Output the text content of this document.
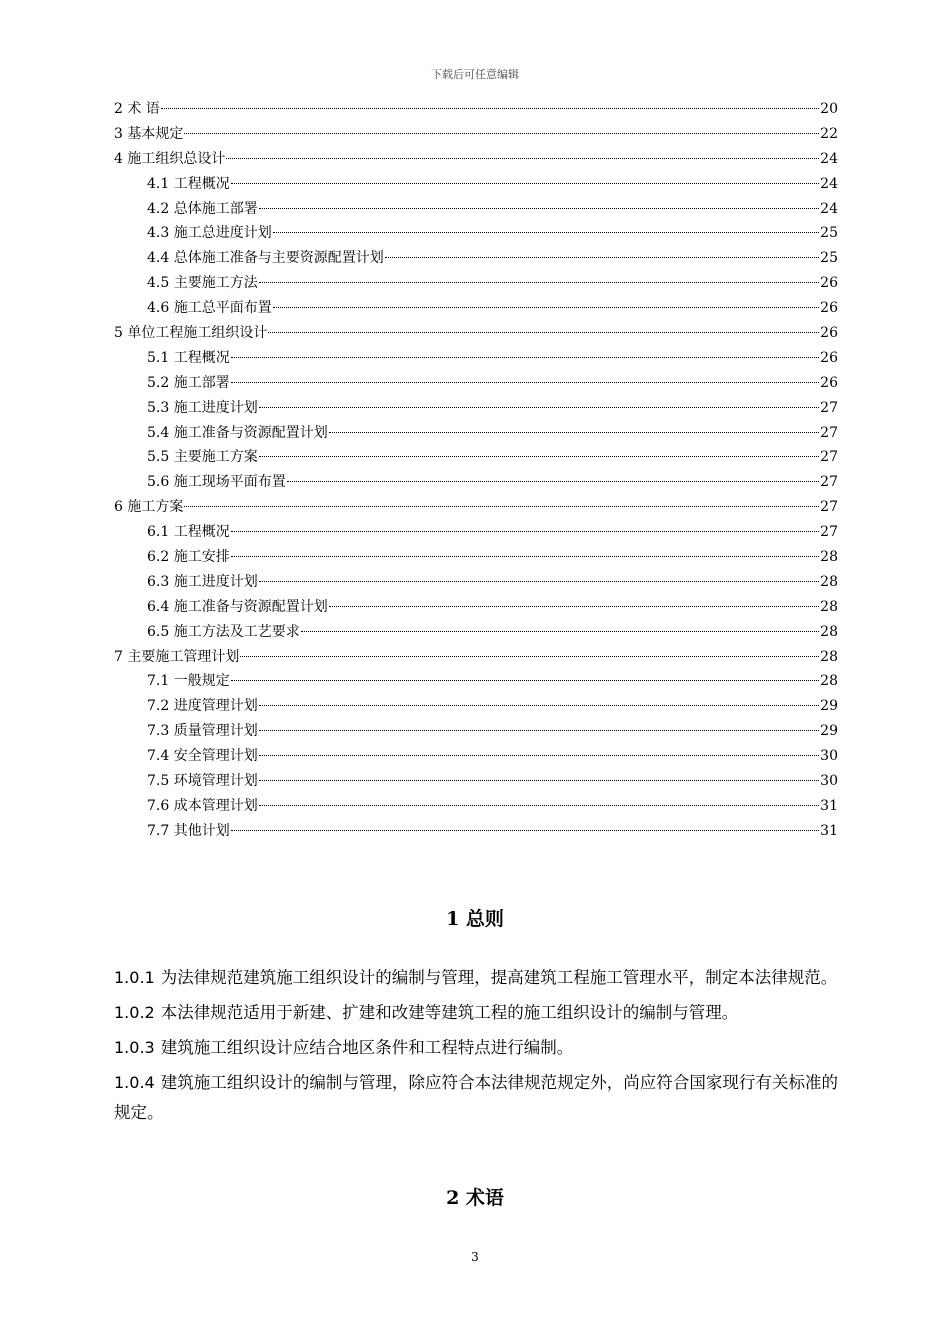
下载后可任意编辑
2 术 语	20
3 基本规定	22
4 施工组织总设计	24
4.1 工程概况	24
4.2 总体施工部署	24
4.3 施工总进度计划	25
4.4 总体施工准备与主要资源配置计划	25
4.5 主要施工方法	26
4.6 施工总平面布置	26
5 单位工程施工组织设计	26
5.1 工程概况	26
5.2 施工部署	26
5.3 施工进度计划	27
5.4 施工准备与资源配置计划	27
5.5 主要施工方案	27
5.6 施工现场平面布置	27
6 施工方案	27
6.1 工程概况	27
6.2 施工安排	28
6.3 施工进度计划	28
6.4 施工准备与资源配置计划	28
6.5 施工方法及工艺要求	28
7 主要施工管理计划	28
7.1 一般规定	28
7.2 进度管理计划	29
7.3 质量管理计划	29
7.4 安全管理计划	30
7.5 环境管理计划	30
7.6 成本管理计划	31
7.7 其他计划	31
1 总则

1.0.1 为法律规范建筑施工组织设计的编制与管理，提高建筑工程施工管理水平，制定本法律规范。

1.0.2 本法律规范适用于新建、扩建和改建等建筑工程的施工组织设计的编制与管理。

1.0.3 建筑施工组织设计应结合地区条件和工程特点进行编制。

1.0.4 建筑施工组织设计的编制与管理，除应符合本法律规范规定外，尚应符合国家现行有关标准的规定。

2 术语
3
